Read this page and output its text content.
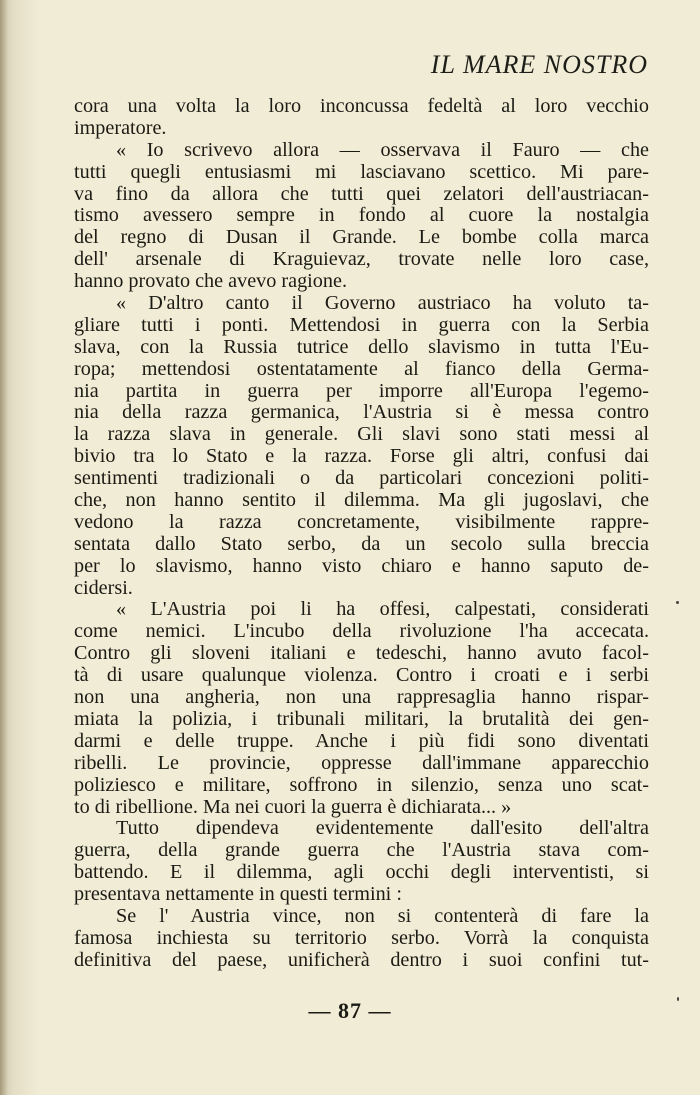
IL MARE NOSTRO
cora una volta la loro inconcussa fedeltà al loro vecchio
imperatore.
« Io scrivevo allora — osservava il Fauro — che
tutti quegli entusiasmi mi lasciavano scettico. Mi pare-
va fino da allora che tutti quei zelatori dell'austriacan-
tismo avessero sempre in fondo al cuore la nostalgia
del regno di Dusan il Grande. Le bombe colla marca
dell' arsenale di Kraguievaz, trovate nelle loro case,
hanno provato che avevo ragione.
« D'altro canto il Governo austriaco ha voluto ta-
gliare tutti i ponti. Mettendosi in guerra con la Serbia
slava, con la Russia tutrice dello slavismo in tutta l'Eu-
ropa; mettendosi ostentatamente al fianco della Germa-
nia partita in guerra per imporre all'Europa l'egemo-
nia della razza germanica, l'Austria si è messa contro
la razza slava in generale. Gli slavi sono stati messi al
bivio tra lo Stato e la razza. Forse gli altri, confusi dai
sentimenti tradizionali o da particolari concezioni politi-
che, non hanno sentito il dilemma. Ma gli jugoslavi, che
vedono la razza concretamente, visibilmente rappre-
sentata dallo Stato serbo, da un secolo sulla breccia
per lo slavismo, hanno visto chiaro e hanno saputo de-
cidersi.
« L'Austria poi li ha offesi, calpestati, considerati
come nemici. L'incubo della rivoluzione l'ha accecata.
Contro gli sloveni italiani e tedeschi, hanno avuto facol-
tà di usare qualunque violenza. Contro i croati e i serbi
non una angheria, non una rappresaglia hanno rispar-
miata la polizia, i tribunali militari, la brutalità dei gen-
darmi e delle truppe. Anche i più fidi sono diventati
ribelli. Le provincie, oppresse dall'immane apparecchio
poliziesco e militare, soffrono in silenzio, senza uno scat-
to di ribellione. Ma nei cuori la guerra è dichiarata... »
Tutto dipendeva evidentemente dall'esito dell'altra
guerra, della grande guerra che l'Austria stava com-
battendo. E il dilemma, agli occhi degli interventisti, si
presentava nettamente in questi termini :
Se l' Austria vince, non si contenterà di fare la
famosa inchiesta su territorio serbo. Vorrà la conquista
definitiva del paese, unificherà dentro i suoi confini tut-
— 87 —
